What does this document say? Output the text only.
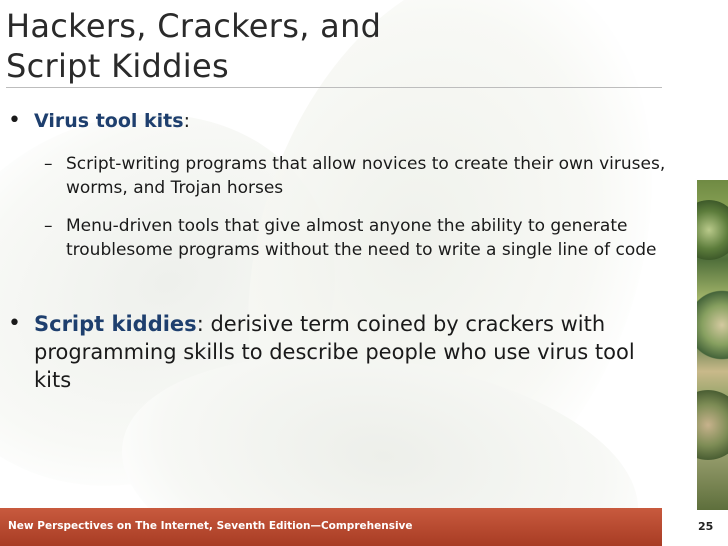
Hackers, Crackers, and
Script Kiddies
• Virus tool kits:
– Script-writing programs that allow novices to create their own viruses, worms, and Trojan horses
– Menu-driven tools that give almost anyone the ability to generate troublesome programs without the need to write a single line of code
• Script kiddies: derisive term coined by crackers with programming skills to describe people who use virus tool kits
New Perspectives on The Internet, Seventh Edition—Comprehensive	25
